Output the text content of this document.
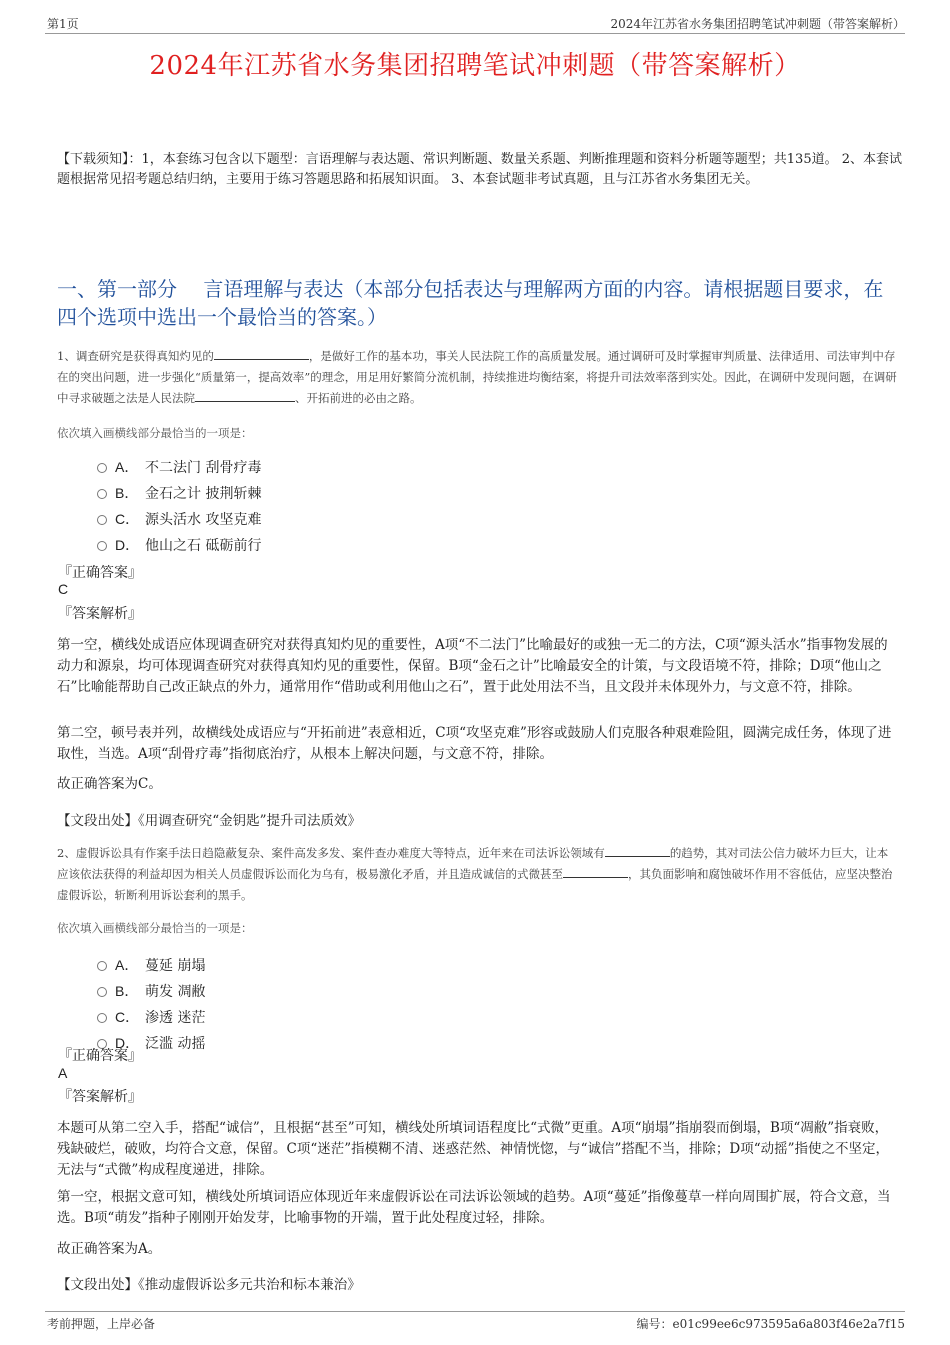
第1页	2024年江苏省水务集团招聘笔试冲刺题（带答案解析）
2024年江苏省水务集团招聘笔试冲刺题（带答案解析）
【下载须知】：1，本套练习包含以下题型：言语理解与表达题、常识判断题、数量关系题、判断推理题和资料分析题等题型；共135道。 2、本套试题根据常见招考题总结归纳，主要用于练习答题思路和拓展知识面。 3、本套试题非考试真题，且与江苏省水务集团无关。
一、第一部分　 言语理解与表达（本部分包括表达与理解两方面的内容。请根据题目要求，在四个选项中选出一个最恰当的答案。）
1、调查研究是获得真知灼见的	，是做好工作的基本功，事关人民法院工作的高质量发展。通过调研可及时掌握审判质量、法律适用、司法审判中存在的突出问题，进一步强化“质量第一，提高效率”的理念，用足用好繁简分流机制，持续推进均衡结案，将提升司法效率落到实处。因此，在调研中发现问题，在调研中寻求破题之法是人民法院	、开拓前进的必由之路。
依次填入画横线部分最恰当的一项是：
A． 不二法门 刮骨疗毒
B． 金石之计 披荆斩棘
C． 源头活水 攻坚克难
D． 他山之石 砥砺前行
『正确答案』
C
『答案解析』
第一空，横线处成语应体现调查研究对获得真知灼见的重要性，A项“不二法门”比喻最好的或独一无二的方法，C项“源头活水”指事物发展的动力和源泉，均可体现调查研究对获得真知灼见的重要性，保留。B项“金石之计”比喻最安全的计策，与文段语境不符，排除；D项“他山之石”比喻能帮助自己改正缺点的外力，通常用作“借助或利用他山之石”，置于此处用法不当，且文段并未体现外力，与文意不符，排除。
第二空，顿号表并列，故横线处成语应与“开拓前进”表意相近，C项“攻坚克难”形容或鼓励人们克服各种艰难险阻，圆满完成任务，体现了进取性，当选。A项“刮骨疗毒”指彻底治疗，从根本上解决问题，与文意不符，排除。
故正确答案为C。
【文段出处】《用调查研究“金钥匙”提升司法质效》
2、虚假诉讼具有作案手法日趋隐蔽复杂、案件高发多发、案件查办难度大等特点，近年来在司法诉讼领域有	的趋势，其对司法公信力破坏力巨大，让本应该依法获得的利益却因为相关人员虚假诉讼而化为乌有，极易激化矛盾，并且造成诚信的式微甚至	，其负面影响和腐蚀破坏作用不容低估，应坚决整治虚假诉讼，斩断利用诉讼套利的黑手。
依次填入画横线部分最恰当的一项是：
A． 蔓延 崩塌
B． 萌发 凋敝
C． 渗透 迷茫
D． 泛滥 动摇
『正确答案』
A
『答案解析』
本题可从第二空入手，搭配“诚信”，且根据“甚至”可知，横线处所填词语程度比“式微”更重。A项“崩塌”指崩裂而倒塌，B项“凋敝”指衰败，残缺破烂，破败，均符合文意，保留。C项“迷茫”指模糊不清、迷惑茫然、神情恍惚，与“诚信”搭配不当，排除；D项“动摇”指使之不坚定，无法与“式微”构成程度递进，排除。
第一空，根据文意可知，横线处所填词语应体现近年来虚假诉讼在司法诉讼领域的趋势。A项“蔓延”指像蔓草一样向周围扩展，符合文意，当选。B项“萌发”指种子刚刚开始发芽，比喻事物的开端，置于此处程度过轻，排除。
故正确答案为A。
【文段出处】《推动虚假诉讼多元共治和标本兼治》
考前押题，上岸必备	编号：e01c99ee6c973595a6a803f46e2a7f15
